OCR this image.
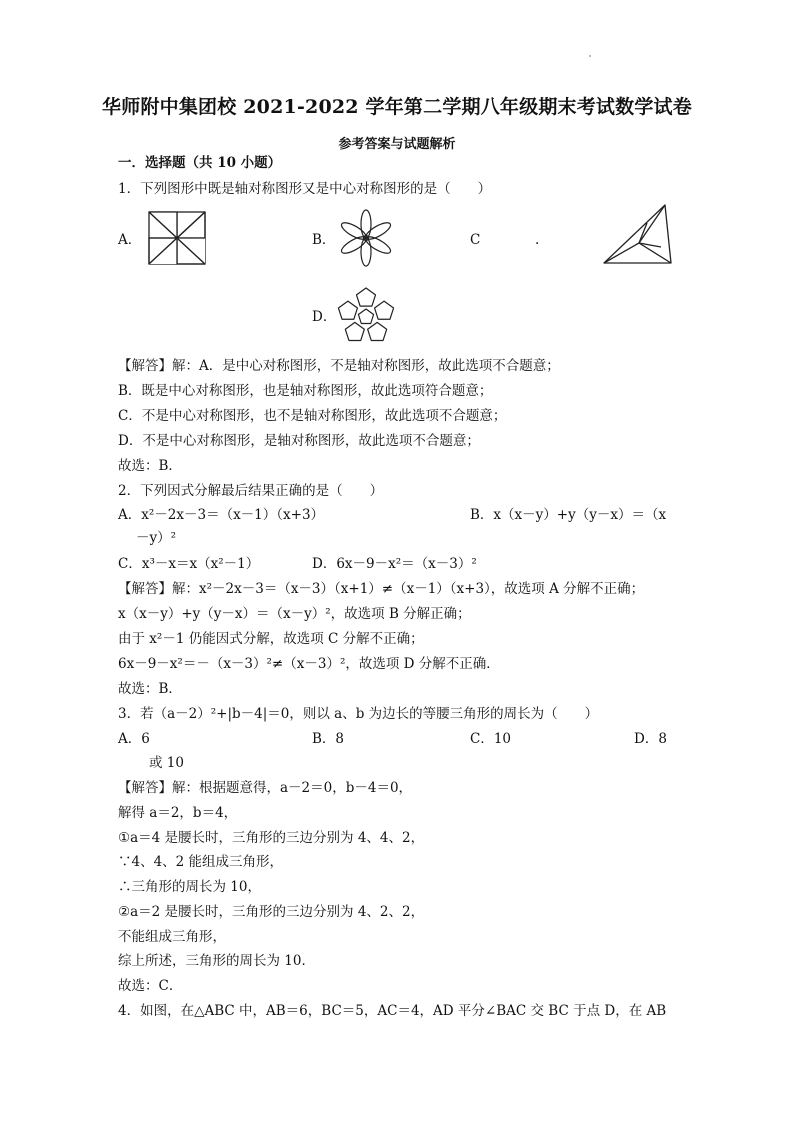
华师附中集团校 2021-2022 学年第二学期八年级期末考试数学试卷
参考答案与试题解析
一．选择题（共 10 小题）
1．下列图形中既是轴对称图形又是中心对称图形的是（　　）
A．	B．	C	.
D．
【解答】解：A．是中心对称图形，不是轴对称图形，故此选项不合题意；
B．既是中心对称图形，也是轴对称图形，故此选项符合题意；
C．不是中心对称图形，也不是轴对称图形，故此选项不合题意；
D．不是中心对称图形，是轴对称图形，故此选项不合题意；
故选：B．
2．下列因式分解最后结果正确的是（　　）
A．x²－2x－3＝（x－1）（x+3）	B．x（x－y）+y（y－x）＝（x
－y）²
C．x³－x＝x（x²－1）	D．6x－9－x²＝（x－3）²
【解答】解：x²－2x－3＝（x－3）（x+1）≠（x－1）（x+3），故选项 A 分解不正确；
x（x－y）+y（y－x）＝（x－y）²，故选项 B 分解正确；
由于 x²－1 仍能因式分解，故选项 C 分解不正确；
6x－9－x²＝－（x－3）²≠（x－3）²，故选项 D 分解不正确．
故选：B．
3．若（a－2）²+|b－4|＝0，则以 a、b 为边长的等腰三角形的周长为（　　）
A．6	B．8	C．10	D．8
或 10
【解答】解：根据题意得，a－2＝0，b－4＝0，
解得 a＝2，b＝4，
①a＝4 是腰长时，三角形的三边分别为 4、4、2，
∵4、4、2 能组成三角形，
∴三角形的周长为 10，
②a＝2 是腰长时，三角形的三边分别为 4、2、2，
不能组成三角形，
综上所述，三角形的周长为 10．
故选：C．
4．如图，在△ABC 中，AB＝6，BC＝5，AC＝4，AD 平分∠BAC 交 BC 于点 D，在 AB
